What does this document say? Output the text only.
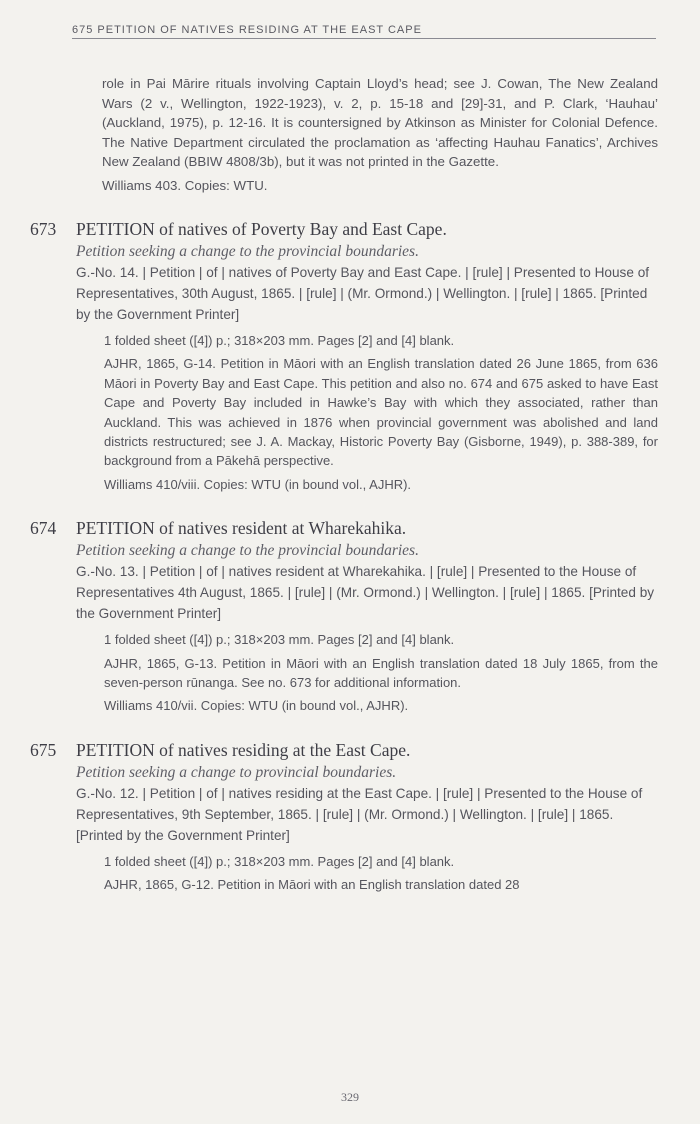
675 PETITION OF NATIVES RESIDING AT THE EAST CAPE

role in Pai Mārire rituals involving Captain Lloyd’s head; see J. Cowan, The New Zealand Wars (2 v., Wellington, 1922-1923), v. 2, p. 15-18 and [29]-31, and P. Clark, ‘Hauhau’ (Auckland, 1975), p. 12-16. It is countersigned by Atkinson as Minister for Colonial Defence. The Native Department circulated the proclamation as ‘affecting Hauhau Fanatics’, Archives New Zealand (BBIW 4808/3b), but it was not printed in the Gazette.

Williams 403. Copies: WTU.

673	PETITION of natives of Poverty Bay and East Cape.

Petition seeking a change to the provincial boundaries.

G.-No. 14. | Petition | of | natives of Poverty Bay and East Cape. | [rule] | Presented to House of Representatives, 30th August, 1865. | [rule] | (Mr. Ormond.) | Wellington. | [rule] | 1865. [Printed by the Government Printer]

1 folded sheet ([4]) p.; 318×203 mm. Pages [2] and [4] blank.

AJHR, 1865, G-14. Petition in Māori with an English translation dated 26 June 1865, from 636 Māori in Poverty Bay and East Cape. This petition and also no. 674 and 675 asked to have East Cape and Poverty Bay included in Hawke’s Bay with which they associated, rather than Auckland. This was achieved in 1876 when provincial government was abolished and land districts restructured; see J. A. Mackay, Historic Poverty Bay (Gisborne, 1949), p. 388-389, for background from a Pākehā perspective.

Williams 410/viii. Copies: WTU (in bound vol., AJHR).

674	PETITION of natives resident at Wharekahika.

Petition seeking a change to the provincial boundaries.

G.-No. 13. | Petition | of | natives resident at Wharekahika. | [rule] | Presented to the House of Representatives 4th August, 1865. | [rule] | (Mr. Ormond.) | Wellington. | [rule] | 1865. [Printed by the Government Printer]

1 folded sheet ([4]) p.; 318×203 mm. Pages [2] and [4] blank.

AJHR, 1865, G-13. Petition in Māori with an English translation dated 18 July 1865, from the seven-person rūnanga. See no. 673 for additional information.

Williams 410/vii. Copies: WTU (in bound vol., AJHR).

675	PETITION of natives residing at the East Cape.

Petition seeking a change to provincial boundaries.

G.-No. 12. | Petition | of | natives residing at the East Cape. | [rule] | Presented to the House of Representatives, 9th September, 1865. | [rule] | (Mr. Ormond.) | Wellington. | [rule] | 1865. [Printed by the Government Printer]

1 folded sheet ([4]) p.; 318×203 mm. Pages [2] and [4] blank.

AJHR, 1865, G-12. Petition in Māori with an English translation dated 28

329
